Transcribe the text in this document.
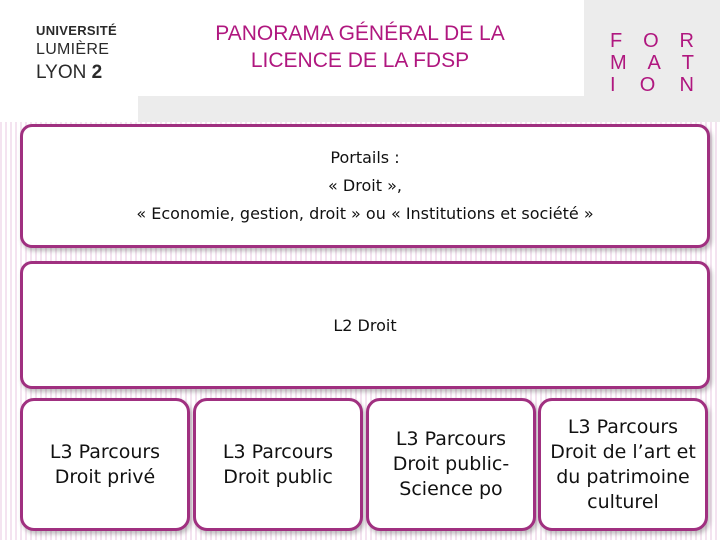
UNIVERSITÉ
LUMIÈRE
LYON 2
PANORAMA GÉNÉRAL DE LA
LICENCE DE LA FDSP
F O R
M A T
I O N
Portails :
« Droit »,
« Economie, gestion, droit » ou « Institutions et société »
L2 Droit
L3 Parcours
Droit privé
L3 Parcours
Droit public
L3 Parcours
Droit public-
Science po
L3 Parcours
Droit de l’art et
du patrimoine
culturel
